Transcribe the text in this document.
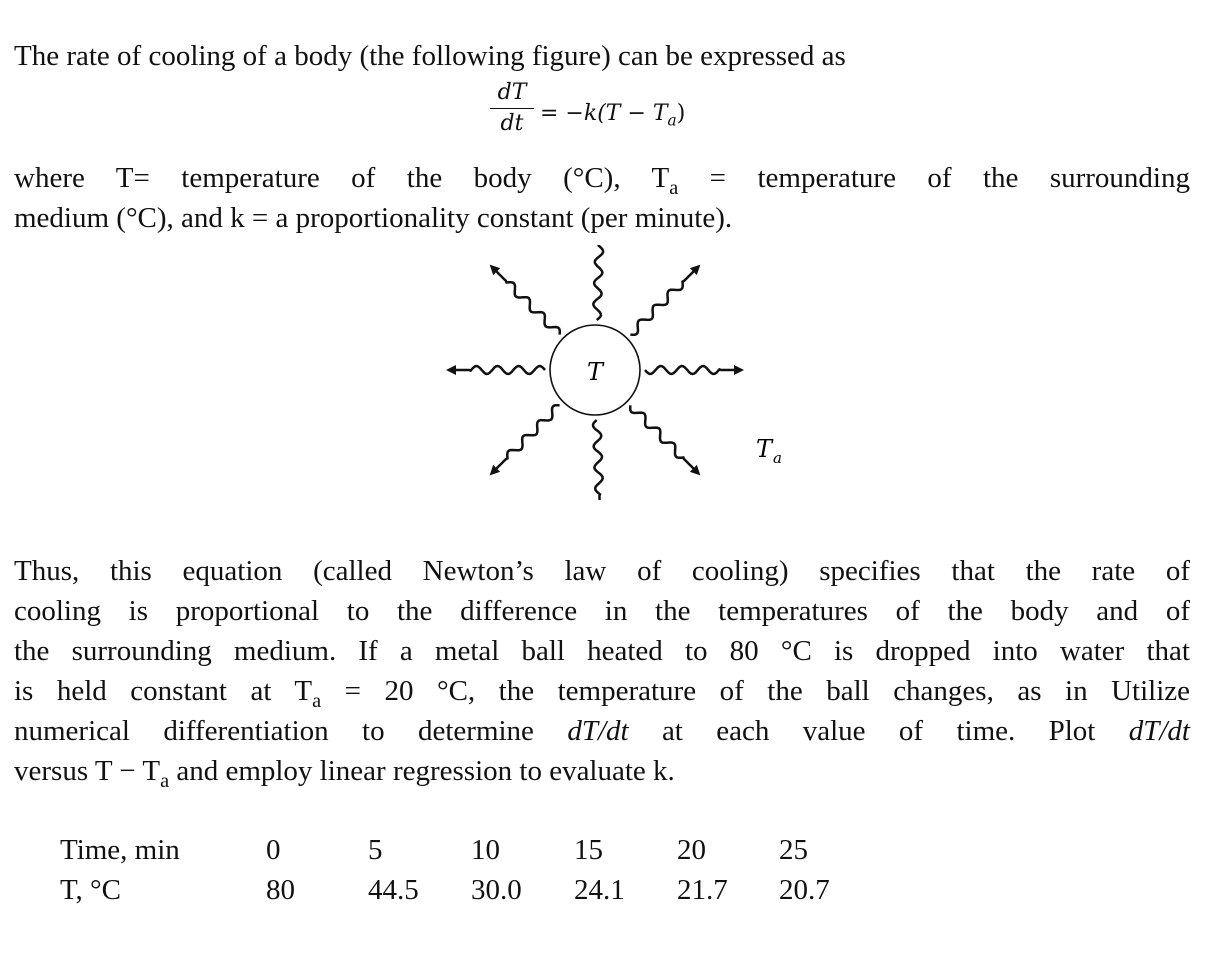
The rate of cooling of a body (the following figure) can be expressed as
dT
dt = $-k(T - T_a)$
where T= temperature of the body (°C), $T_a$ = temperature of the surrounding
medium (°C), and k = a proportionality constant (per minute).
T
$T_a$
Thus, this equation (called Newton’s law of cooling) specifies that the rate of
cooling is proportional to the difference in the temperatures of the body and of
the surrounding medium. If a metal ball heated to 80 °C is dropped into water that
is held constant at $T_a = 20$ °C, the temperature of the ball changes, as in Utilize
numerical differentiation to determine dT/dt at each value of time. Plot dT/dt
versus $T - T_a$ and employ linear regression to evaluate k.
Time, min	0	5	10	15	20	25
T, °C	80	44.5	30.0	24.1	21.7	20.7
